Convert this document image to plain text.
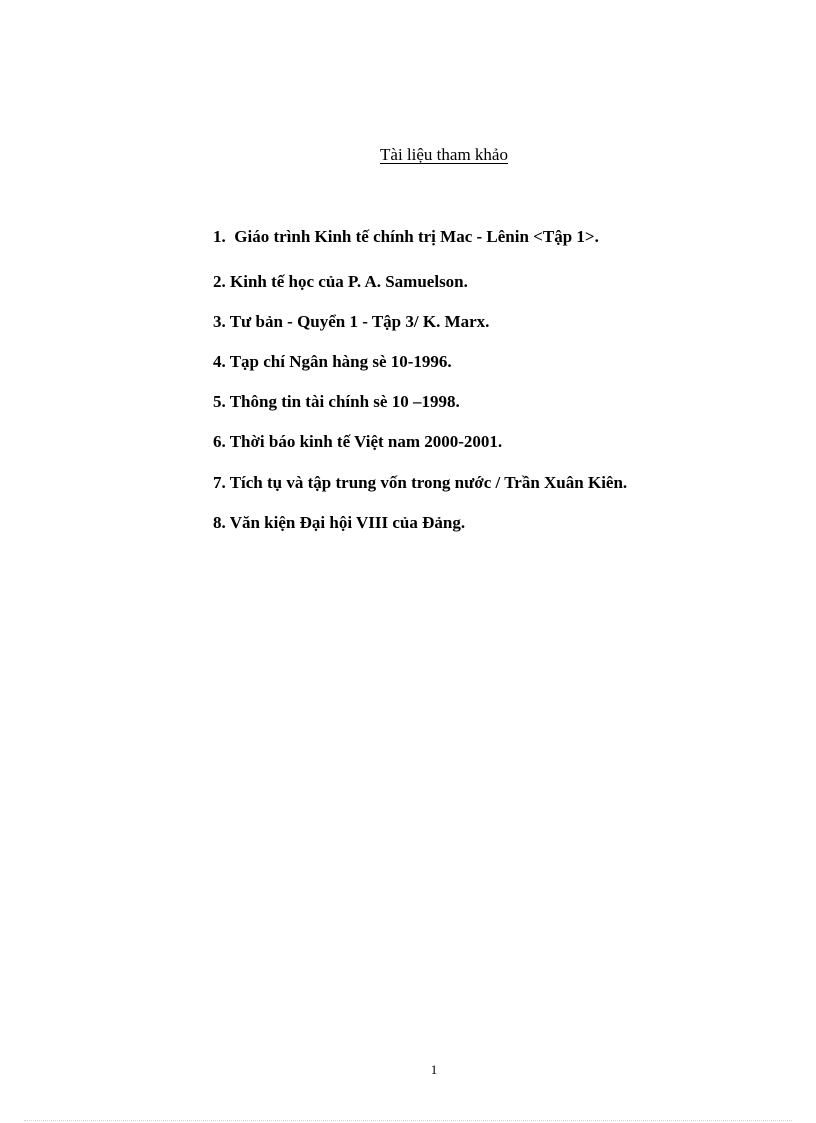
Tài liệu tham khảo
1. Giáo trình Kinh tế chính trị Mac - Lênin <Tập 1>.
2. Kinh tế học của P. A. Samuelson.
3. Tư bản - Quyển 1 - Tập 3/ K. Marx.
4. Tạp chí Ngân hàng sè 10-1996.
5. Thông tin tài chính sè 10 –1998.
6. Thời báo kinh tế Việt nam 2000-2001.
7. Tích tụ và tập trung vốn trong nước / Trần Xuân Kiên.
8. Văn kiện Đại hội VIII của Đảng.
1
